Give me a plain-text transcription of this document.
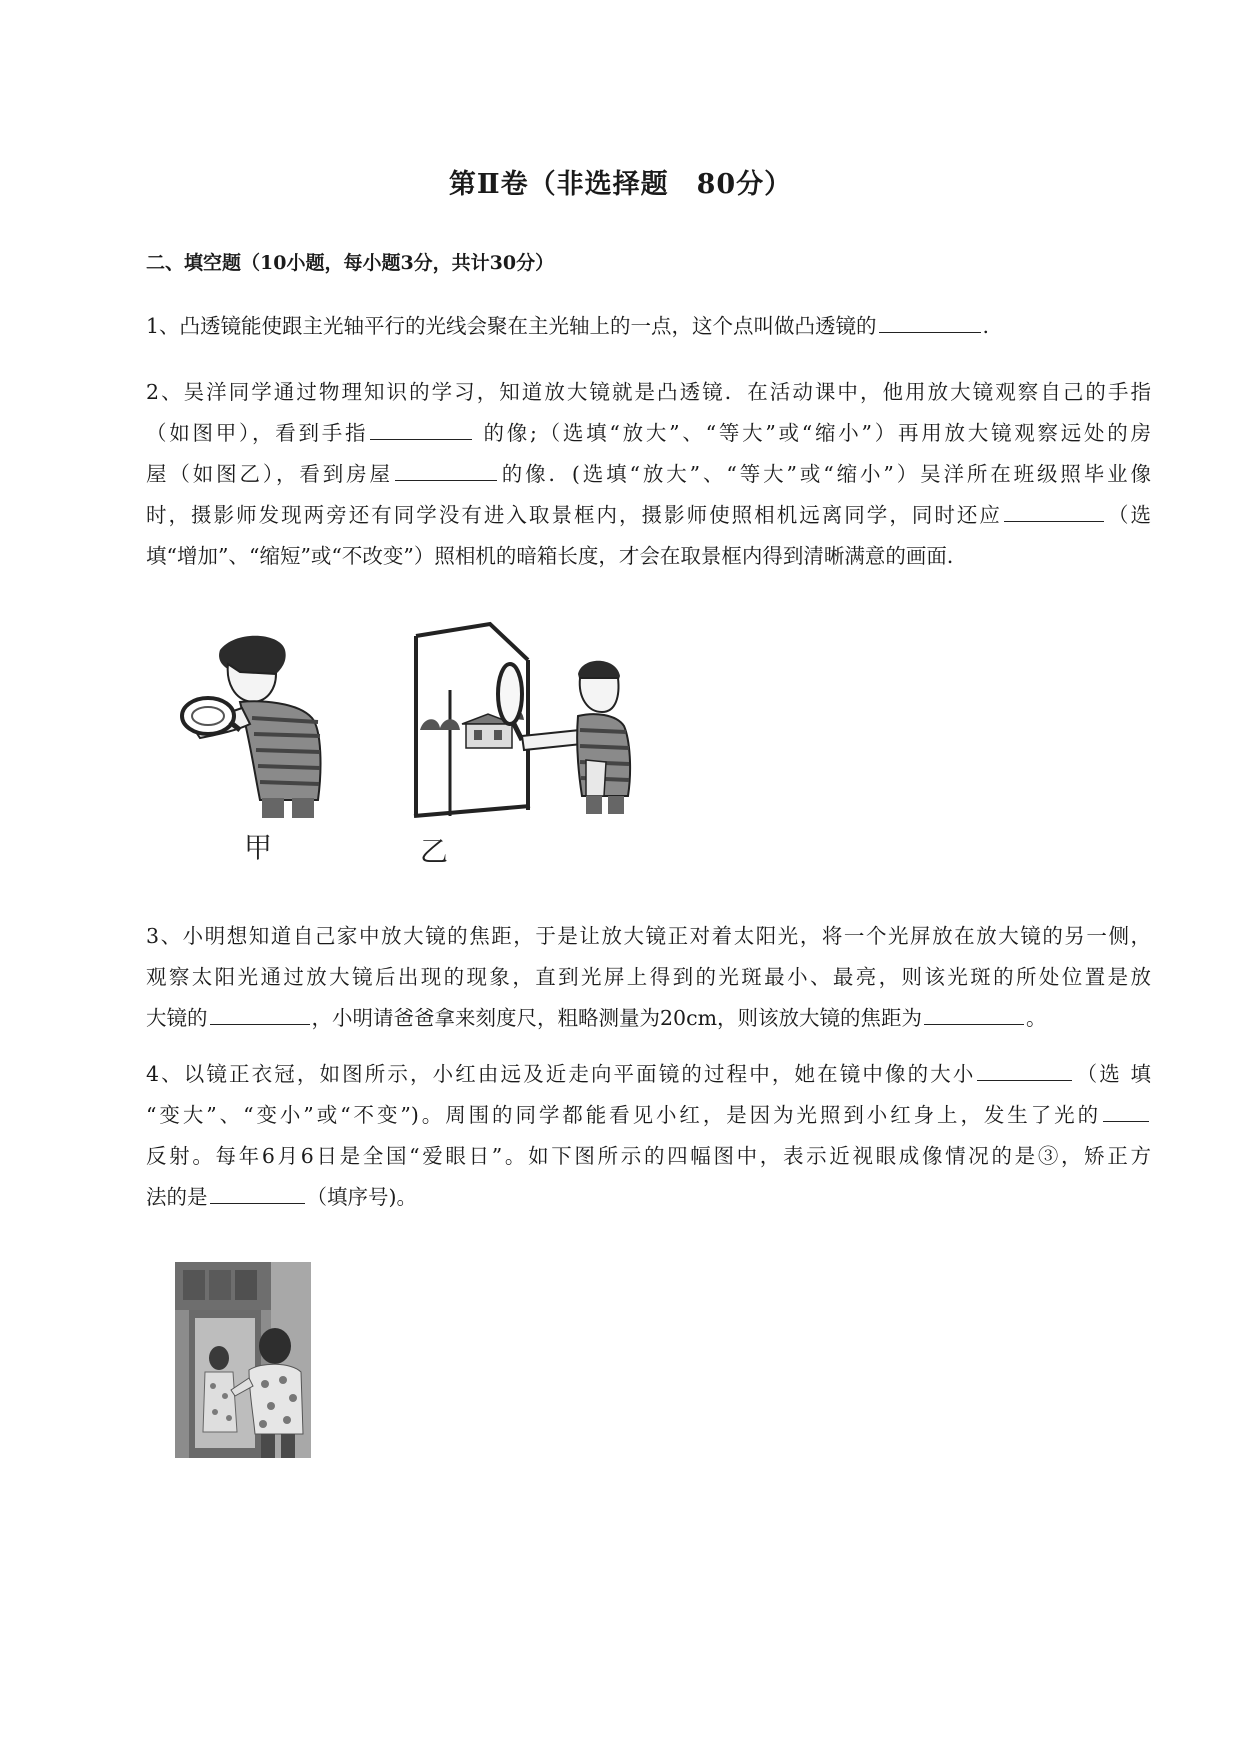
第Ⅱ卷（非选择题　80分）
二、填空题（10小题，每小题3分，共计30分）
1、凸透镜能使跟主光轴平行的光线会聚在主光轴上的一点，这个点叫做凸透镜的	.
2、吴洋同学通过物理知识的学习，知道放大镜就是凸透镜．在活动课中，他用放大镜观察自己的手指
（如图甲），看到手指	的像;（选填“放大”、“等大”或“缩小”）再用放大镜观察远处的房
屋（如图乙），看到房屋	的像．(选填“放大”、“等大”或“缩小”）吴洋所在班级照毕业像
时，摄影师发现两旁还有同学没有进入取景框内，摄影师使照相机远离同学，同时还应	（选
填“增加”、“缩短”或“不改变”）照相机的暗箱长度，才会在取景框内得到清晰满意的画面．
甲	乙
3、小明想知道自己家中放大镜的焦距，于是让放大镜正对着太阳光，将一个光屏放在放大镜的另一侧，
观察太阳光通过放大镜后出现的现象，直到光屏上得到的光斑最小、最亮，则该光斑的所处位置是放
大镜的	，小明请爸爸拿来刻度尺，粗略测量为20cm，则该放大镜的焦距为	。
4、以镜正衣冠，如图所示，小红由远及近走向平面镜的过程中，她在镜中像的大小	（选 填
“变大”、“变小”或“不变”)。周围的同学都能看见小红，是因为光照到小红身上，发生了光的
反射。每年6月6日是全国“爱眼日”。如下图所示的四幅图中，表示近视眼成像情况的是③，矫正方
法的是	（填序号)。
